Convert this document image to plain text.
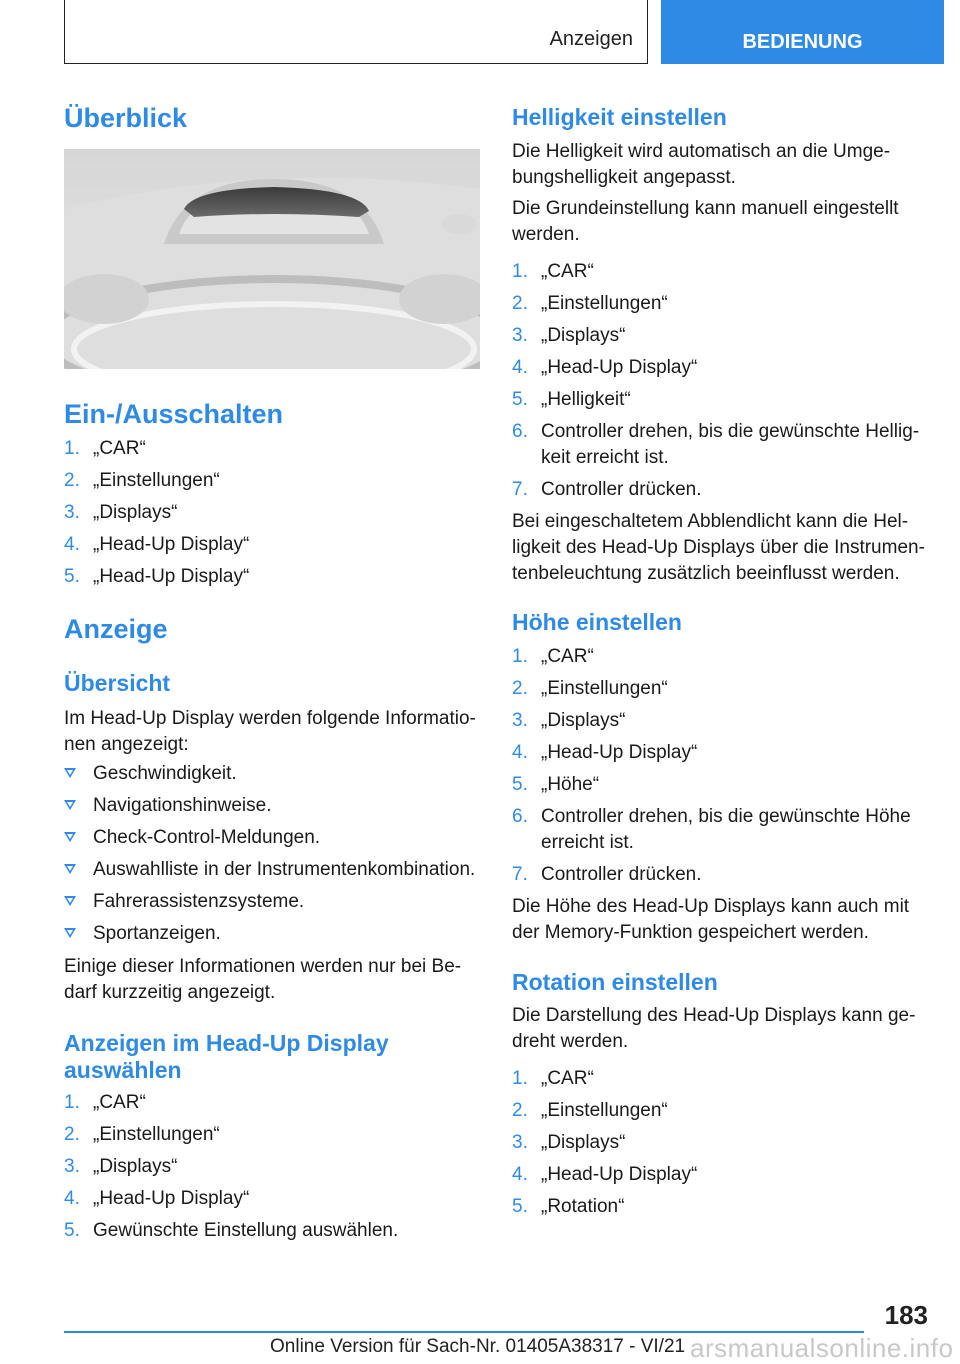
Anzeigen	BEDIENUNG
Überblick
Ein-/Ausschalten
1. „CAR“
2. „Einstellungen“
3. „Displays“
4. „Head-Up Display“
5. „Head-Up Display“
Anzeige
Übersicht

Im Head-Up Display werden folgende Informationen angezeigt:

Geschwindigkeit.
Navigationshinweise.
Check-Control-Meldungen.
Auswahlliste in der Instrumentenkombination.
Fahrerassistenzsysteme.
Sportanzeigen.

Einige dieser Informationen werden nur bei Bedarf kurzzeitig angezeigt.

Anzeigen im Head-Up Display
auswählen
1. „CAR“
2. „Einstellungen“
3. „Displays“
4. „Head-Up Display“
5. Gewünschte Einstellung auswählen.
Helligkeit einstellen

Die Helligkeit wird automatisch an die Umgebungshelligkeit angepasst.

Die Grundeinstellung kann manuell eingestellt werden.

1. „CAR“
2. „Einstellungen“
3. „Displays“
4. „Head-Up Display“
5. „Helligkeit“
6. Controller drehen, bis die gewünschte Helligkeit erreicht ist.
7. Controller drücken.

Bei eingeschaltetem Abblendlicht kann die Helligkeit des Head-Up Displays über die Instrumentenbeleuchtung zusätzlich beeinflusst werden.

Höhe einstellen
1. „CAR“
2. „Einstellungen“
3. „Displays“
4. „Head-Up Display“
5. „Höhe“
6. Controller drehen, bis die gewünschte Höhe erreicht ist.
7. Controller drücken.

Die Höhe des Head-Up Displays kann auch mit der Memory-Funktion gespeichert werden.

Rotation einstellen

Die Darstellung des Head-Up Displays kann gedreht werden.

1. „CAR“
2. „Einstellungen“
3. „Displays“
4. „Head-Up Display“
5. „Rotation“
183
Online Version für Sach-Nr. 01405A38317 - VI/21 arsmanualsonline.info
